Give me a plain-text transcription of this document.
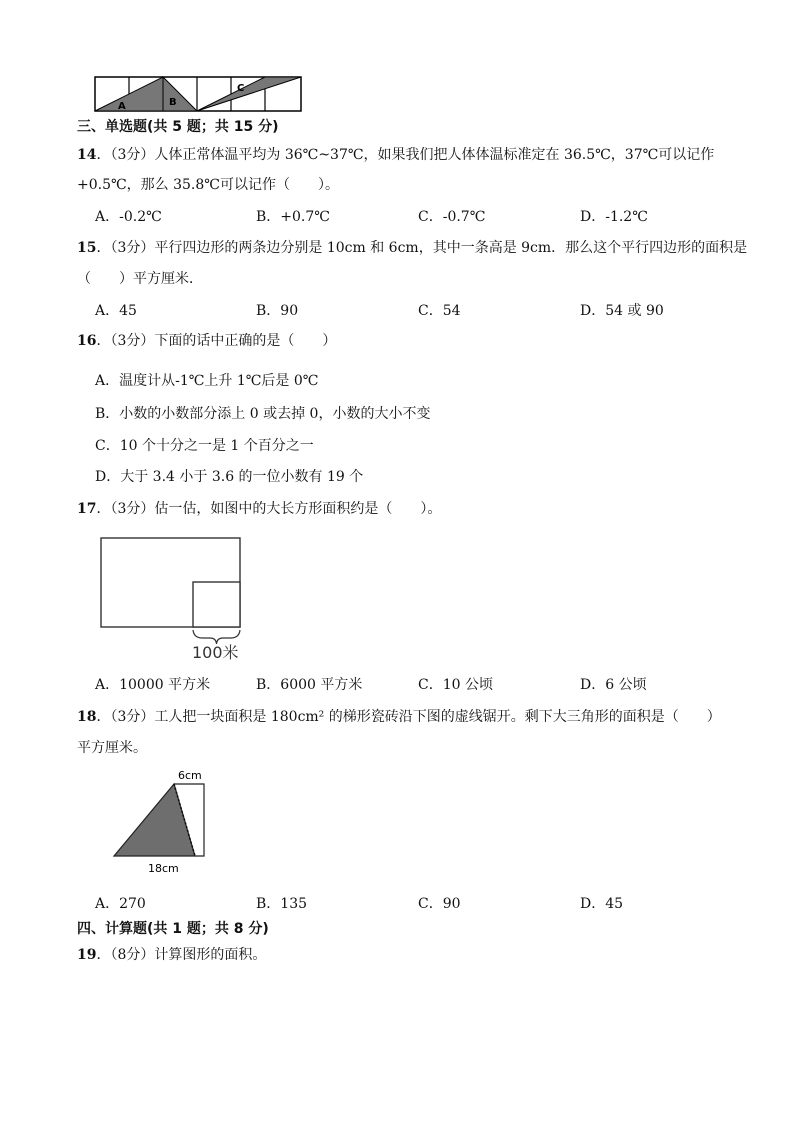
A	B
C
三、单选题(共 5 题；共 15 分)
14．（3分）人体正常体温平均为 36℃~37℃，如果我们把人体体温标准定在 36.5℃，37℃可以记作
+0.5℃，那么 35.8℃可以记作（　　）。
A．-0.2℃	B．+0.7℃	C．-0.7℃	D．-1.2℃
15．（3分）平行四边形的两条边分别是 10cm 和 6cm，其中一条高是 9cm．那么这个平行四边形的面积是
（　　）平方厘米．
A．45	B．90	C．54	D．54 或 90
16．（3分）下面的话中正确的是（　　）
A．温度计从-1℃上升 1℃后是 0℃
B．小数的小数部分添上 0 或去掉 0，小数的大小不变
C．10 个十分之一是 1 个百分之一
D．大于 3.4 小于 3.6 的一位小数有 19 个
17．（3分）估一估，如图中的大长方形面积约是（　　）。
100米
A．10000 平方米	B．6000 平方米	C．10 公顷	D．6 公顷
18．（3分）工人把一块面积是 180cm² 的梯形瓷砖沿下图的虚线锯开。剩下大三角形的面积是（　　）
平方厘米。
6cm
18cm
A．270	B．135	C．90	D．45
四、计算题(共 1 题；共 8 分)
19．（8分）计算图形的面积。
